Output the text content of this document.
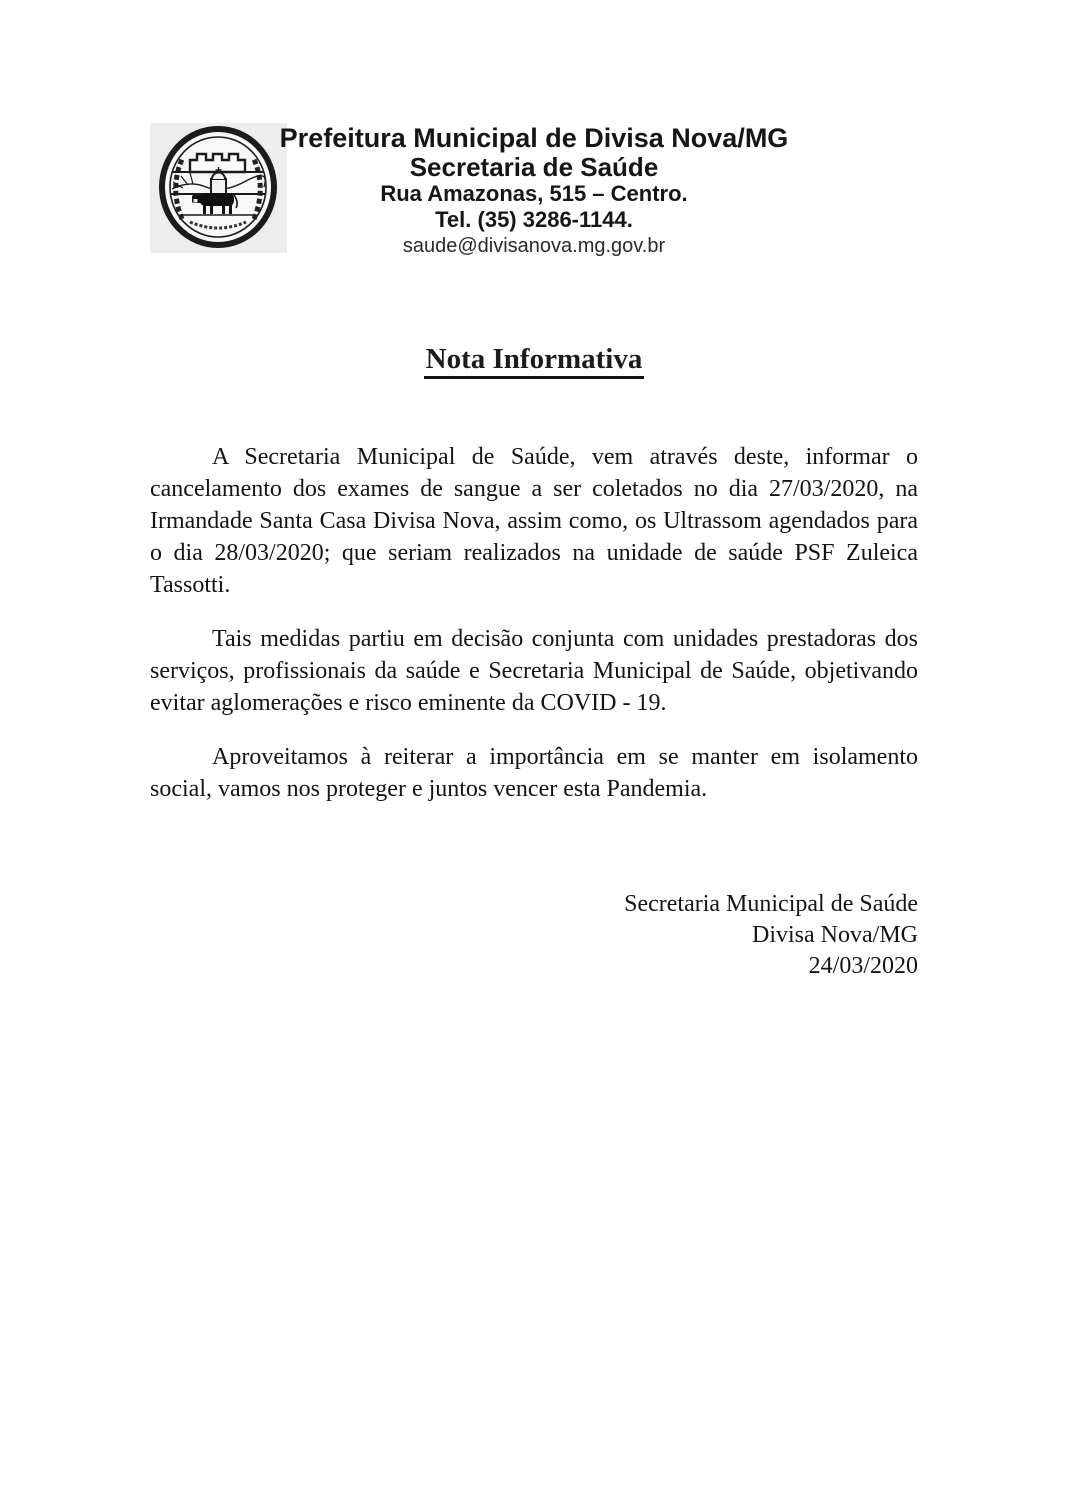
Prefeitura Municipal de Divisa Nova/MG
Secretaria de Saúde
Rua Amazonas, 515 – Centro.
Tel. (35) 3286-1144.
saude@divisanova.mg.gov.br
Nota Informativa

A Secretaria Municipal de Saúde, vem através deste, informar o cancelamento dos exames de sangue a ser coletados no dia 27/03/2020, na Irmandade Santa Casa Divisa Nova, assim como, os Ultrassom agendados para o dia 28/03/2020; que seriam realizados na unidade de saúde PSF Zuleica Tassotti.

Tais medidas partiu em decisão conjunta com unidades prestadoras dos serviços, profissionais da saúde e Secretaria Municipal de Saúde, objetivando evitar aglomerações e risco eminente da COVID - 19.

Aproveitamos à reiterar a importância em se manter em isolamento social, vamos nos proteger e juntos vencer esta Pandemia.

Secretaria Municipal de Saúde
Divisa Nova/MG
24/03/2020
